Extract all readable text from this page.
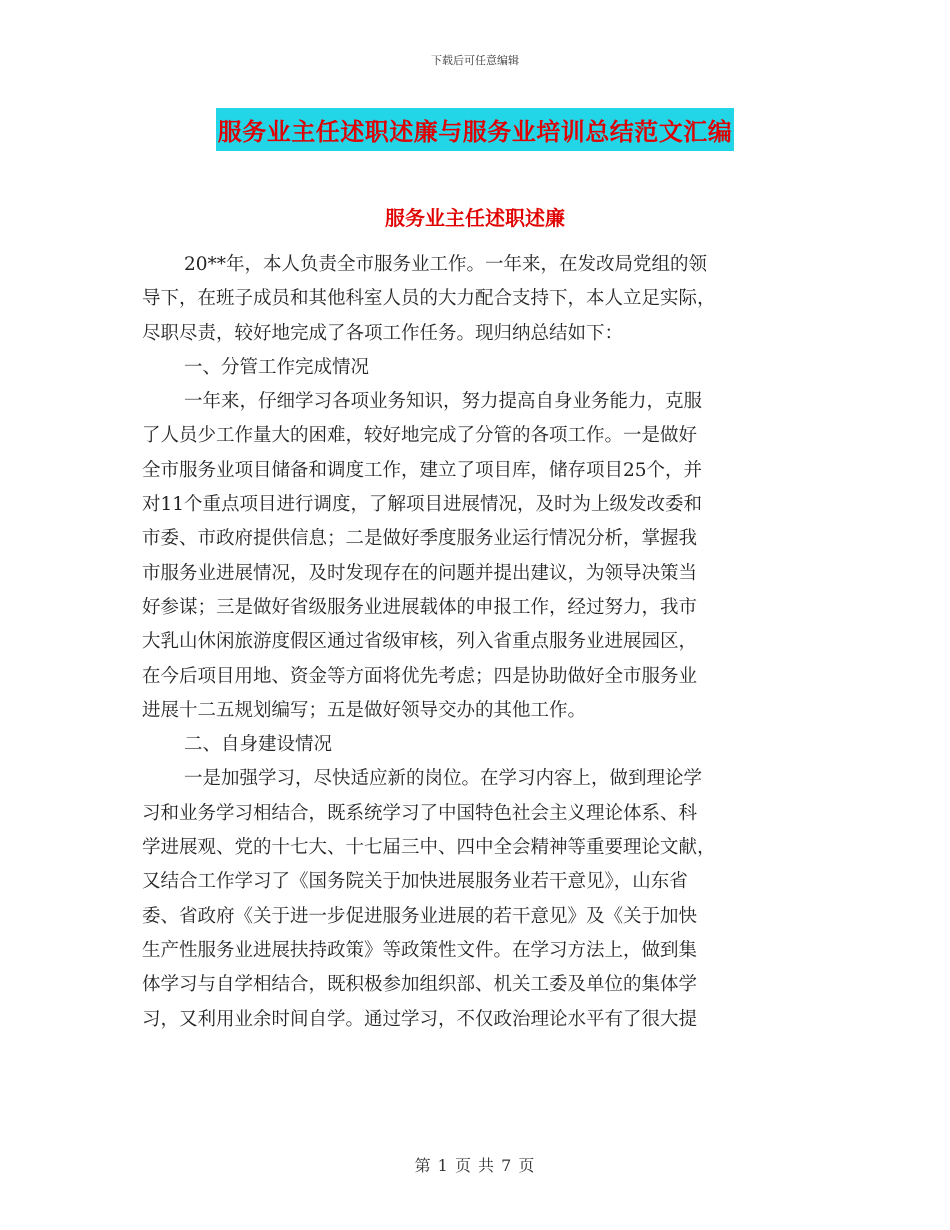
下载后可任意编辑
服务业主任述职述廉与服务业培训总结范文汇编
服务业主任述职述廉

20**年，本人负责全市服务业工作。一年来，在发改局党组的领

导下，在班子成员和其他科室人员的大力配合支持下，本人立足实际，

尽职尽责，较好地完成了各项工作任务。现归纳总结如下：

一、分管工作完成情况

一年来，仔细学习各项业务知识，努力提高自身业务能力，克服

了人员少工作量大的困难，较好地完成了分管的各项工作。一是做好

全市服务业项目储备和调度工作，建立了项目库，储存项目25个，并

对11个重点项目进行调度，了解项目进展情况，及时为上级发改委和

市委、市政府提供信息；二是做好季度服务业运行情况分析，掌握我

市服务业进展情况，及时发现存在的问题并提出建议，为领导决策当

好参谋；三是做好省级服务业进展载体的申报工作，经过努力，我市

大乳山休闲旅游度假区通过省级审核，列入省重点服务业进展园区，

在今后项目用地、资金等方面将优先考虑；四是协助做好全市服务业

进展十二五规划编写；五是做好领导交办的其他工作。

二、自身建设情况

一是加强学习，尽快适应新的岗位。在学习内容上，做到理论学

习和业务学习相结合，既系统学习了中国特色社会主义理论体系、科

学进展观、党的十七大、十七届三中、四中全会精神等重要理论文献，

又结合工作学习了《国务院关于加快进展服务业若干意见》，山东省

委、省政府《关于进一步促进服务业进展的若干意见》及《关于加快

生产性服务业进展扶持政策》等政策性文件。在学习方法上，做到集

体学习与自学相结合，既积极参加组织部、机关工委及单位的集体学

习，又利用业余时间自学。通过学习，不仅政治理论水平有了很大提

第 1 页 共 7 页
